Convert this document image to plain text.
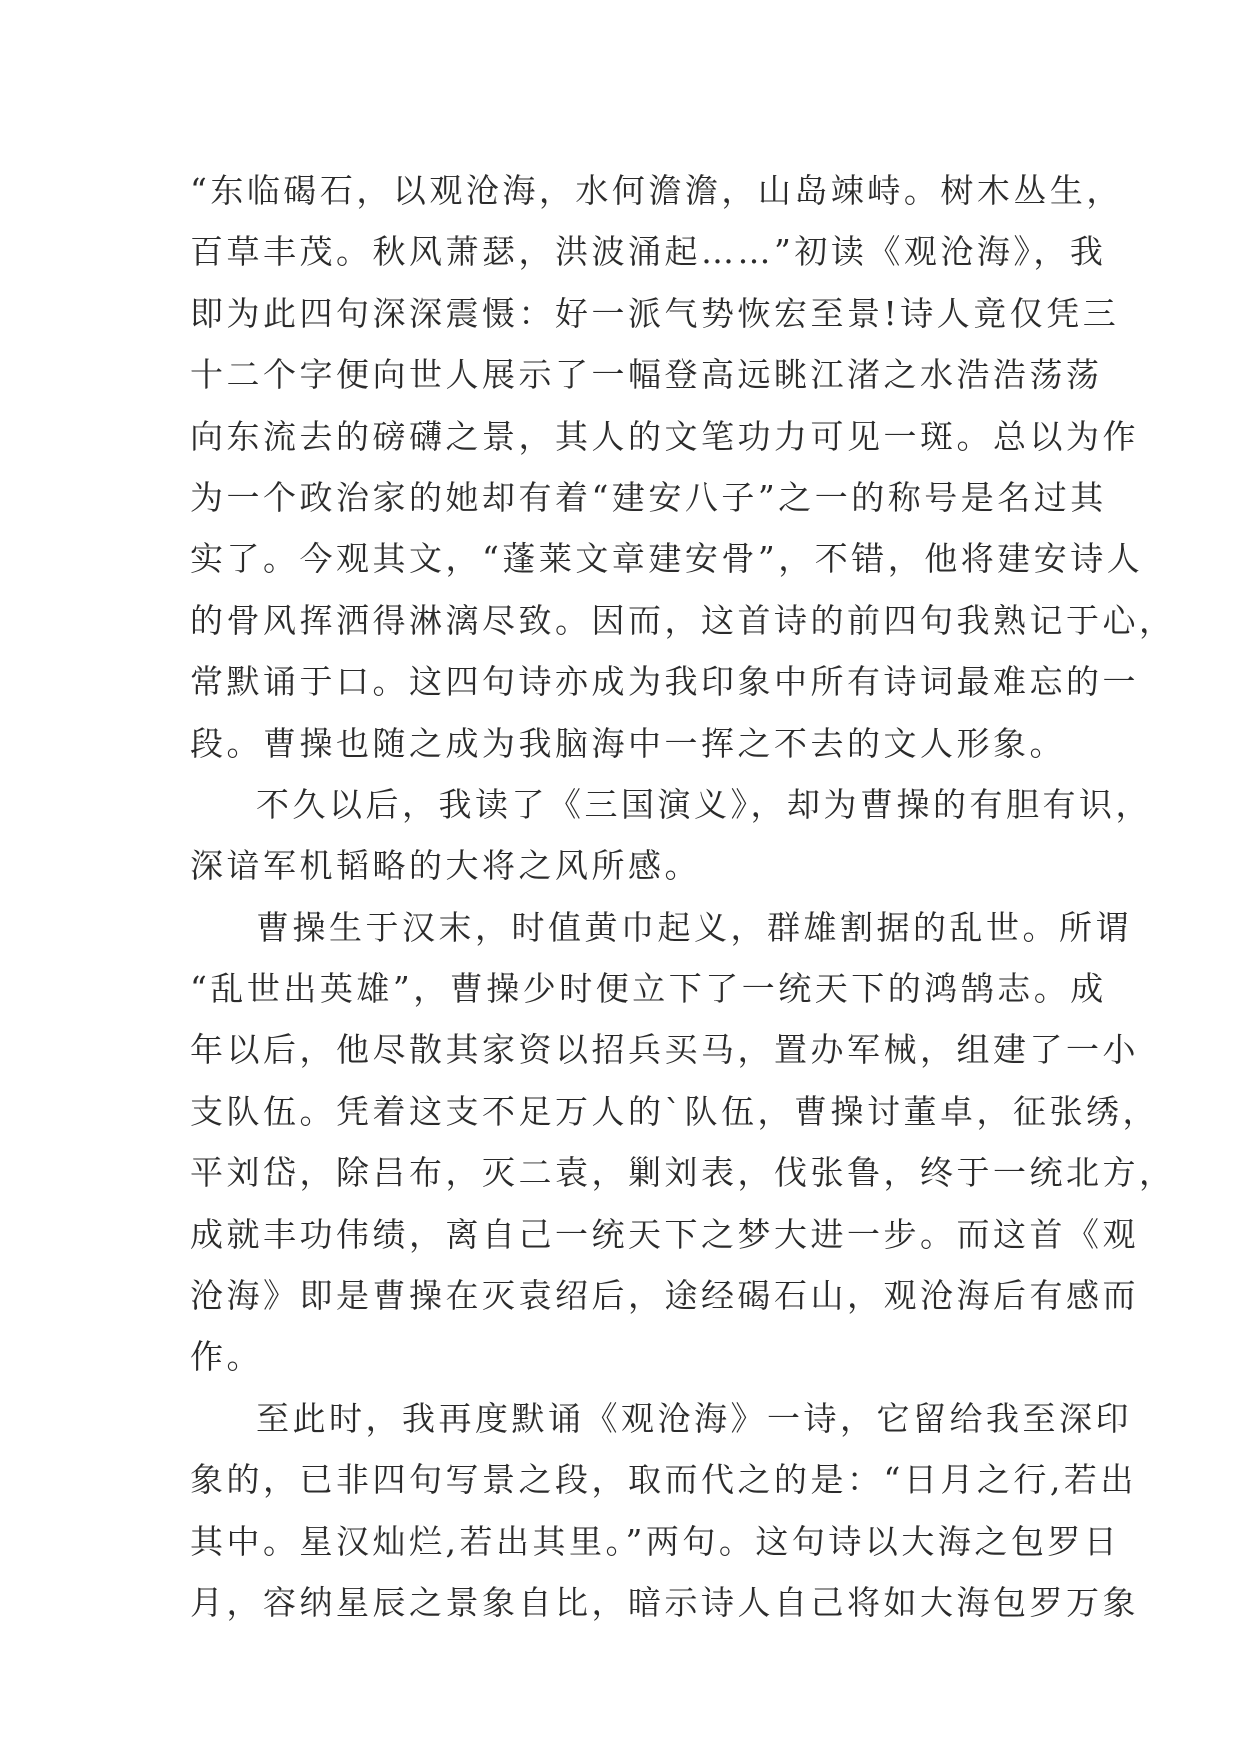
“东临碣石，以观沧海，水何澹澹，山岛竦峙。树木丛生，
百草丰茂。秋风萧瑟，洪波涌起……”初读《观沧海》，我
即为此四句深深震慑：好一派气势恢宏至景!诗人竟仅凭三
十二个字便向世人展示了一幅登高远眺江渚之水浩浩荡荡
向东流去的磅礴之景，其人的文笔功力可见一斑。总以为作
为一个政治家的她却有着“建安八子”之一的称号是名过其
实了。今观其文，“蓬莱文章建安骨”，不错，他将建安诗人
的骨风挥洒得淋漓尽致。因而，这首诗的前四句我熟记于心，
常默诵于口。这四句诗亦成为我印象中所有诗词最难忘的一
段。曹操也随之成为我脑海中一挥之不去的文人形象。
不久以后，我读了《三国演义》，却为曹操的有胆有识，
深谙军机韬略的大将之风所感。
曹操生于汉末，时值黄巾起义，群雄割据的乱世。所谓
“乱世出英雄”，曹操少时便立下了一统天下的鸿鹄志。成
年以后，他尽散其家资以招兵买马，置办军械，组建了一小
支队伍。凭着这支不足万人的`队伍，曹操讨董卓，征张绣，
平刘岱，除吕布，灭二袁，剿刘表，伐张鲁，终于一统北方，
成就丰功伟绩，离自己一统天下之梦大进一步。而这首《观
沧海》即是曹操在灭袁绍后，途经碣石山，观沧海后有感而
作。
至此时，我再度默诵《观沧海》一诗，它留给我至深印
象的，已非四句写景之段，取而代之的是：“日月之行,若出
其中。星汉灿烂,若出其里。”两句。这句诗以大海之包罗日
月，容纳星辰之景象自比，暗示诗人自己将如大海包罗万象
